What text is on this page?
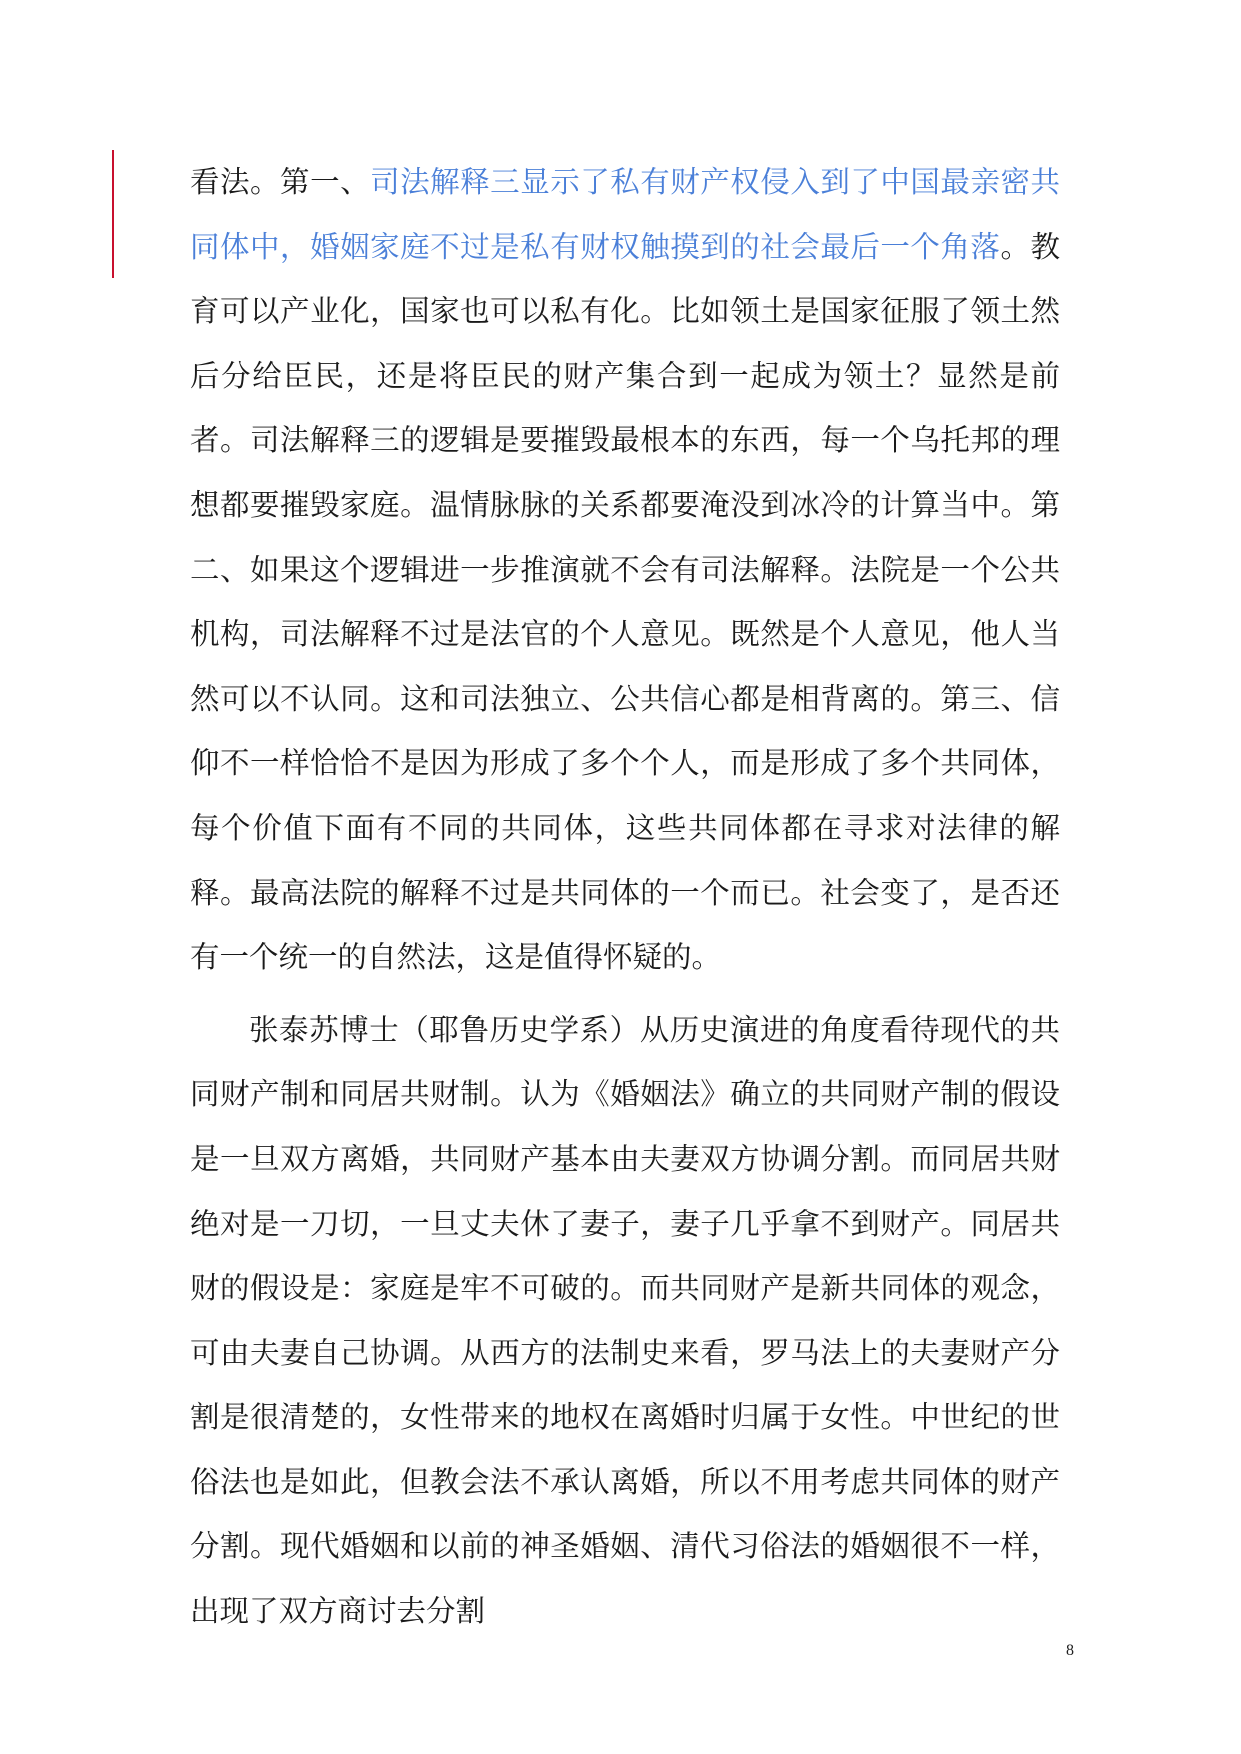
看法。第一、司法解释三显示了私有财产权侵入到了中国最亲密共同体中，婚姻家庭不过是私有财权触摸到的社会最后一个角落。教育可以产业化，国家也可以私有化。比如领土是国家征服了领土然后分给臣民，还是将臣民的财产集合到一起成为领土？显然是前者。司法解释三的逻辑是要摧毁最根本的东西，每一个乌托邦的理想都要摧毁家庭。温情脉脉的关系都要淹没到冰冷的计算当中。第二、如果这个逻辑进一步推演就不会有司法解释。法院是一个公共机构，司法解释不过是法官的个人意见。既然是个人意见，他人当然可以不认同。这和司法独立、公共信心都是相背离的。第三、信仰不一样恰恰不是因为形成了多个个人，而是形成了多个共同体，每个价值下面有不同的共同体，这些共同体都在寻求对法律的解释。最高法院的解释不过是共同体的一个而已。社会变了，是否还有一个统一的自然法，这是值得怀疑的。

张泰苏博士（耶鲁历史学系）从历史演进的角度看待现代的共同财产制和同居共财制。认为《婚姻法》确立的共同财产制的假设是一旦双方离婚，共同财产基本由夫妻双方协调分割。而同居共财绝对是一刀切，一旦丈夫休了妻子，妻子几乎拿不到财产。同居共财的假设是：家庭是牢不可破的。而共同财产是新共同体的观念，可由夫妻自己协调。从西方的法制史来看，罗马法上的夫妻财产分割是很清楚的，女性带来的地权在离婚时归属于女性。中世纪的世俗法也是如此，但教会法不承认离婚，所以不用考虑共同体的财产分割。现代婚姻和以前的神圣婚姻、清代习俗法的婚姻很不一样，出现了双方商讨去分割

8
